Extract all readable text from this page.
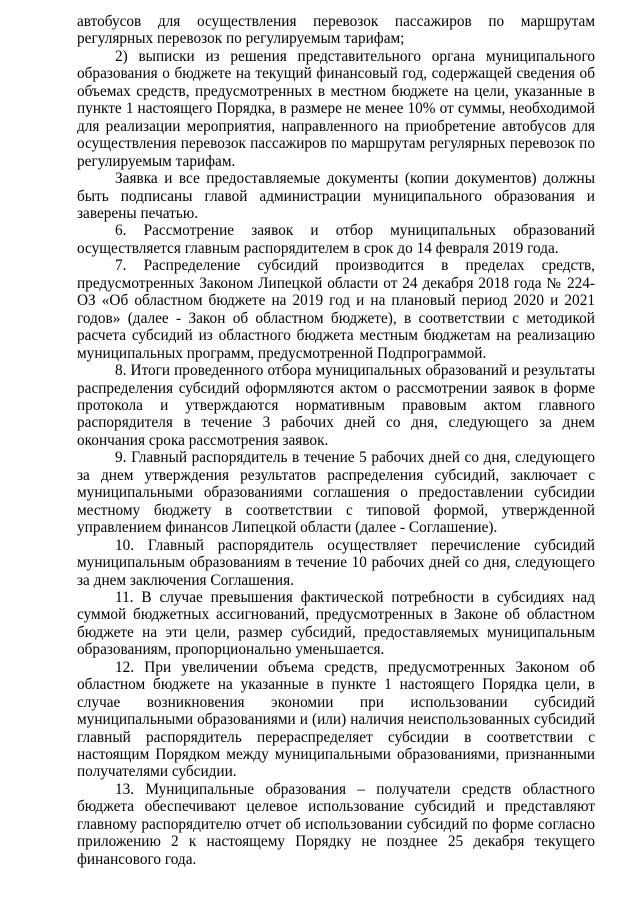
автобусов для осуществления перевозок пассажиров по маршрутам регулярных перевозок по регулируемым тарифам;

2) выписки из решения представительного органа муниципального образования о бюджете на текущий финансовый год, содержащей сведения об объемах средств, предусмотренных в местном бюджете на цели, указанные в пункте 1 настоящего Порядка, в размере не менее 10% от суммы, необходимой для реализации мероприятия, направленного на приобретение автобусов для осуществления перевозок пассажиров по маршрутам регулярных перевозок по регулируемым тарифам.

Заявка и все предоставляемые документы (копии документов) должны быть подписаны главой администрации муниципального образования и заверены печатью.

6. Рассмотрение заявок и отбор муниципальных образований осуществляется главным распорядителем в срок до 14 февраля 2019 года.

7. Распределение субсидий производится в пределах средств, предусмотренных Законом Липецкой области от 24 декабря 2018 года № 224-ОЗ «Об областном бюджете на 2019 год и на плановый период 2020 и 2021 годов» (далее - Закон об областном бюджете), в соответствии с методикой расчета субсидий из областного бюджета местным бюджетам на реализацию муниципальных программ, предусмотренной Подпрограммой.

8. Итоги проведенного отбора муниципальных образований и результаты распределения субсидий оформляются актом о рассмотрении заявок в форме протокола и утверждаются нормативным правовым актом главного распорядителя в течение 3 рабочих дней со дня, следующего за днем окончания срока рассмотрения заявок.

9. Главный распорядитель в течение 5 рабочих дней со дня, следующего за днем утверждения результатов распределения субсидий, заключает с муниципальными образованиями соглашения о предоставлении субсидии местному бюджету в соответствии с типовой формой, утвержденной управлением финансов Липецкой области (далее - Соглашение).

10. Главный распорядитель осуществляет перечисление субсидий муниципальным образованиям в течение 10 рабочих дней со дня, следующего за днем заключения Соглашения.

11. В случае превышения фактической потребности в субсидиях над суммой бюджетных ассигнований, предусмотренных в Законе об областном бюджете на эти цели, размер субсидий, предоставляемых муниципальным образованиям, пропорционально уменьшается.

12. При увеличении объема средств, предусмотренных Законом об областном бюджете на указанные в пункте 1 настоящего Порядка цели, в случае возникновения экономии при использовании субсидий муниципальными образованиями и (или) наличия неиспользованных субсидий главный распорядитель перераспределяет субсидии в соответствии с настоящим Порядком между муниципальными образованиями, признанными получателями субсидии.

13. Муниципальные образования – получатели средств областного бюджета обеспечивают целевое использование субсидий и представляют главному распорядителю отчет об использовании субсидий по форме согласно приложению 2 к настоящему Порядку не позднее 25 декабря текущего финансового года.
